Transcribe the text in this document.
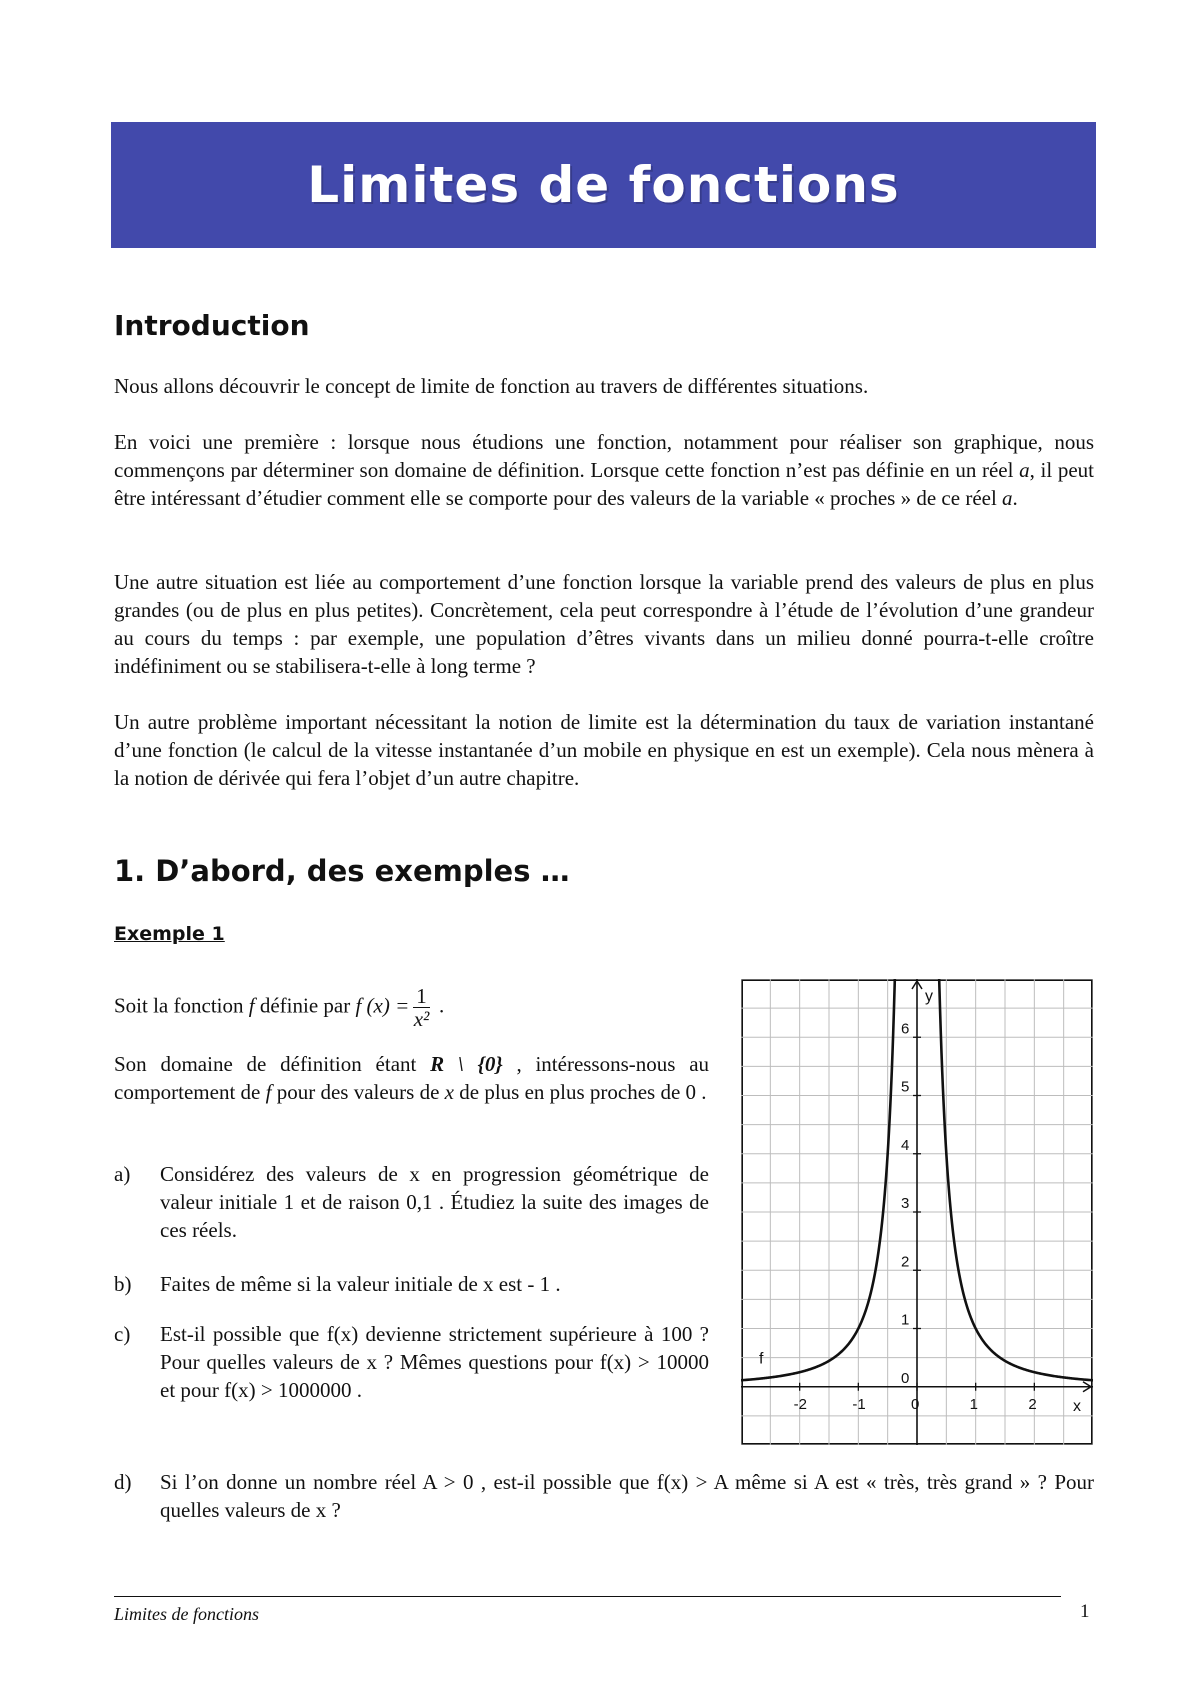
Limites de fonctions
Introduction

Nous allons découvrir le concept de limite de fonction au travers de différentes situations.

En voici une première : lorsque nous étudions une fonction, notamment pour réaliser son graphique, nous commençons par déterminer son domaine de définition. Lorsque cette fonction n’est pas définie en un réel a, il peut être intéressant d’étudier comment elle se comporte pour des valeurs de la variable « proches » de ce réel a.

Une autre situation est liée au comportement d’une fonction lorsque la variable prend des valeurs de plus en plus grandes (ou de plus en plus petites). Concrètement, cela peut correspondre à l’étude de l’évolution d’une grandeur au cours du temps : par exemple, une population d’êtres vivants dans un milieu donné pourra-t-elle croître indéfiniment ou se stabilisera-t-elle à long terme ?

Un autre problème important nécessitant la notion de limite est la détermination du taux de variation instantané d’une fonction (le calcul de la vitesse instantanée d’un mobile en physique en est un exemple). Cela nous mènera à la notion de dérivée qui fera l’objet d’un autre chapitre.

1. D’abord, des exemples …
Exemple 1

Soit la fonction f définie par f $(x) = \frac{1}{\text{x²}}$ .

Son domaine de définition étant R \ {0} , intéressons-nous au comportement de f pour des valeurs de x de plus en plus proches de 0 .

a) Considérez des valeurs de x en progression géométrique de valeur initiale 1 et de raison 0,1 . Étudiez la suite des images de ces réels.
b) Faites de même si la valeur initiale de x est - 1 .
c) Est-il possible que f(x) devienne strictement supérieure à 100 ? Pour quelles valeurs de x ? Mêmes questions pour f(x) > 10000 et pour f(x) > 1000000 .
d) Si l’on donne un nombre réel A > 0 , est-il possible que f(x) > A même si A est « très, très grand » ? Pour quelles valeurs de x ?
-2	-1	0	1	2
1
2
3
4
5
6
0
x
y
f
Limites de fonctions	1
